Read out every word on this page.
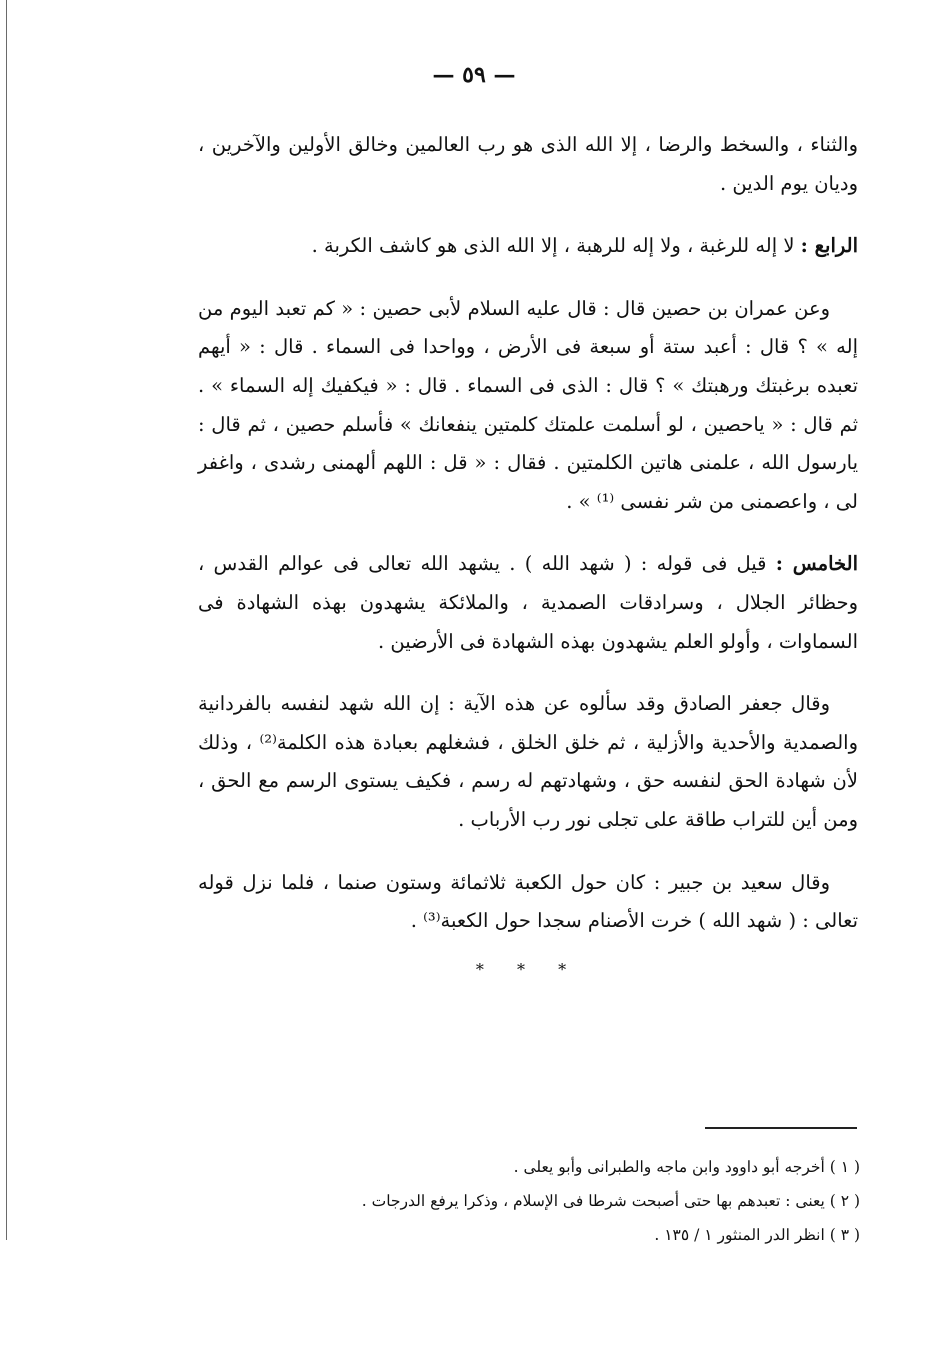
— ٥٩ —

والثناء ، والسخط والرضا ، إلا الله الذى هو رب العالمين وخالق الأولين والآخرين ، وديان يوم الدين .

الرابع : لا إله للرغبة ، ولا إله للرهبة ، إلا الله الذى هو كاشف الكربة .

وعن عمران بن حصين قال : قال عليه السلام لأبى حصين : « كم تعبد اليوم من إله » ؟ قال : أعبد ستة أو سبعة فى الأرض ، وواحدا فى السماء . قال : « أيهم تعبده برغبتك ورهبتك » ؟ قال : الذى فى السماء . قال : « فيكفيك إله السماء » . ثم قال : « ياحصين ، لو أسلمت علمتك كلمتين ينفعانك » فأسلم حصين ، ثم قال : يارسول الله ، علمنى هاتين الكلمتين . فقال : « قل : اللهم ألهمنى رشدى ، واغفر لى ، واعصمنى من شر نفسى ⁽¹⁾ » .

الخامس : قيل فى قوله : ( شهد الله ) . يشهد الله تعالى فى عوالم القدس ، وحظائر الجلال ، وسرادقات الصمدية ، والملائكة يشهدون بهذه الشهادة فى السماوات ، وأولو العلم يشهدون بهذه الشهادة فى الأرضين .

وقال جعفر الصادق وقد سألوه عن هذه الآية : إن الله شهد لنفسه بالفردانية والصمدية والأحدية والأزلية ، ثم خلق الخلق ، فشغلهم بعبادة هذه الكلمة⁽²⁾ ، وذلك لأن شهادة الحق لنفسه حق ، وشهادتهم له رسم ، فكيف يستوى الرسم مع الحق ، ومن أين للتراب طاقة على تجلى نور رب الأرباب .

وقال سعيد بن جبير : كان حول الكعبة ثلاثمائة وستون صنما ، فلما نزل قوله تعالى : ( شهد الله ) خرت الأصنام سجدا حول الكعبة⁽³⁾ .

* * *

( ١ ) أخرجه أبو داوود وابن ماجه والطبرانى وأبو يعلى .

( ٢ ) يعنى : تعبدهم بها حتى أصبحت شرطا فى الإسلام ، وذكرا يرفع الدرجات .

( ٣ ) انظر الدر المنثور ١ / ١٣٥ .
